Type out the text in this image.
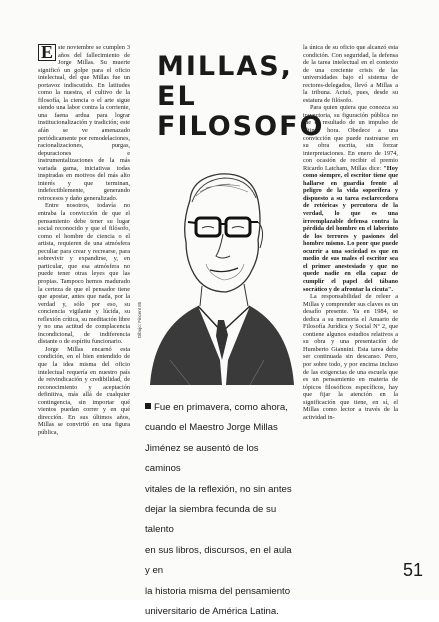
E ste noviembre se cumplen 3 años del fallecimiento de Jorge Millas. Su muerte significó un golpe para el oficio intelectual, del que Millas fue un portavoz indiscutido. En latitudes como la nuestra, el cultivo de la filosofía, la ciencia o el arte sigue siendo una labor contra la corriente, una faena ardua para lograr institucionalización y tradición; este afán se ve amenazado periódicamente por remodelaciones, racionalizaciones, purgas, depuraciones e instrumentalizaciones de la más variada gama, iniciativas todas inspiradas en motivos del más alto interés y que terminan, indefectiblemente, generando retrocesos y daño generalizado.

Entre nosotros, todavía no entraba la convicción de que el pensamiento debe tener su lugar social reconocido y que el filósofo, como el hombre de ciencia o el artista, requieren de una atmósfera peculiar para crear y recrearse, para sobrevivir y expandirse, y, en particular, que esa atmósfera no puede tener otras leyes que las propias. Tampoco hemos madurado la certeza de que el pensador tiene que apostar, antes que nada, por la verdad y, sólo por eso, su conciencia vigilante y lúcida, su reflexión crítica, su meditación libre y no una actitud de complacencia incondicional, de indiferencia distante o de espíritu funcionario.

Jorge Millas encarnó esta condición, en el bien entendido de que la idea misma del oficio intelectual requería en nuestro país de reivindicación y credibilidad, de reconocimiento y aceptación definitiva, más allá de cualquier contingencia, sin importar qué vientos puedan correr y en qué dirección. En sus últimos años, Millas se convirtió en una figura pública,

MILLAS,
EL
FILOSOFO

la única de su oficio que alcanzó esta condición. Con seguridad, la defensa de la tarea intelectual en el contexto de una creciente crisis de las universidades bajo el sistema de rectores-delegados, llevó a Millas a la tribuna. Actuó, pues, desde su estatura de filósofo.

Para quien quiera que conozca su trayectoria, su figuración pública no fue el resultado de un impulso de última hora. Obedece a una convicción que puede rastrearse en su obra escrita, sin forzar interpretaciones. En enero de 1974, con ocasión de recibir el premio Ricardo Latcham, Millas dice: "Hoy como siempre, el escritor tiene que hallarse en guardia frente al peligro de la vida soporífera y dispuesto a su tarea esclarecedora de retóricas y percutora de la verdad, lo que es una irreemplazable defensa contra la pérdida del hombre en el laberinto de los terrores y pasiones del hombre mismo. Lo peor que puede ocurrir a una sociedad es que en medio de sus males el escritor sea el primer anestesiado y que no quede nadie en ella capaz de cumplir el papel del tábano socrático y de afrontar la cicuta".

La responsabilidad de releer a Millas y comprender sus claves es un desafío presente. Ya en 1984, se dedica a su memoria el Anuario de Filosofía Jurídica y Social Nº 2, que contiene algunos estudios relativos a su obra y una presentación de Humberto Giannini. Esta tarea debe ser continuada sin descanso. Pero, por sobre todo, y por encima incluso de las exigencias de una escuela que es un pensamiento en materia de tópicos filosóficos específicos, hay que fijar la atención en la significación que tiene, en sí, el Millas como lector a través de la actividad in-

Dibujo: Fincent 85
Fue en primavera, como ahora,
cuando el Maestro Jorge Millas
Jiménez se ausentó de los caminos
vitales de la reflexión, no sin antes
dejar la siembra fecunda de su talento
en sus libros, discursos, en el aula y en
la historia misma del pensamiento
universitario de América Latina.
51
